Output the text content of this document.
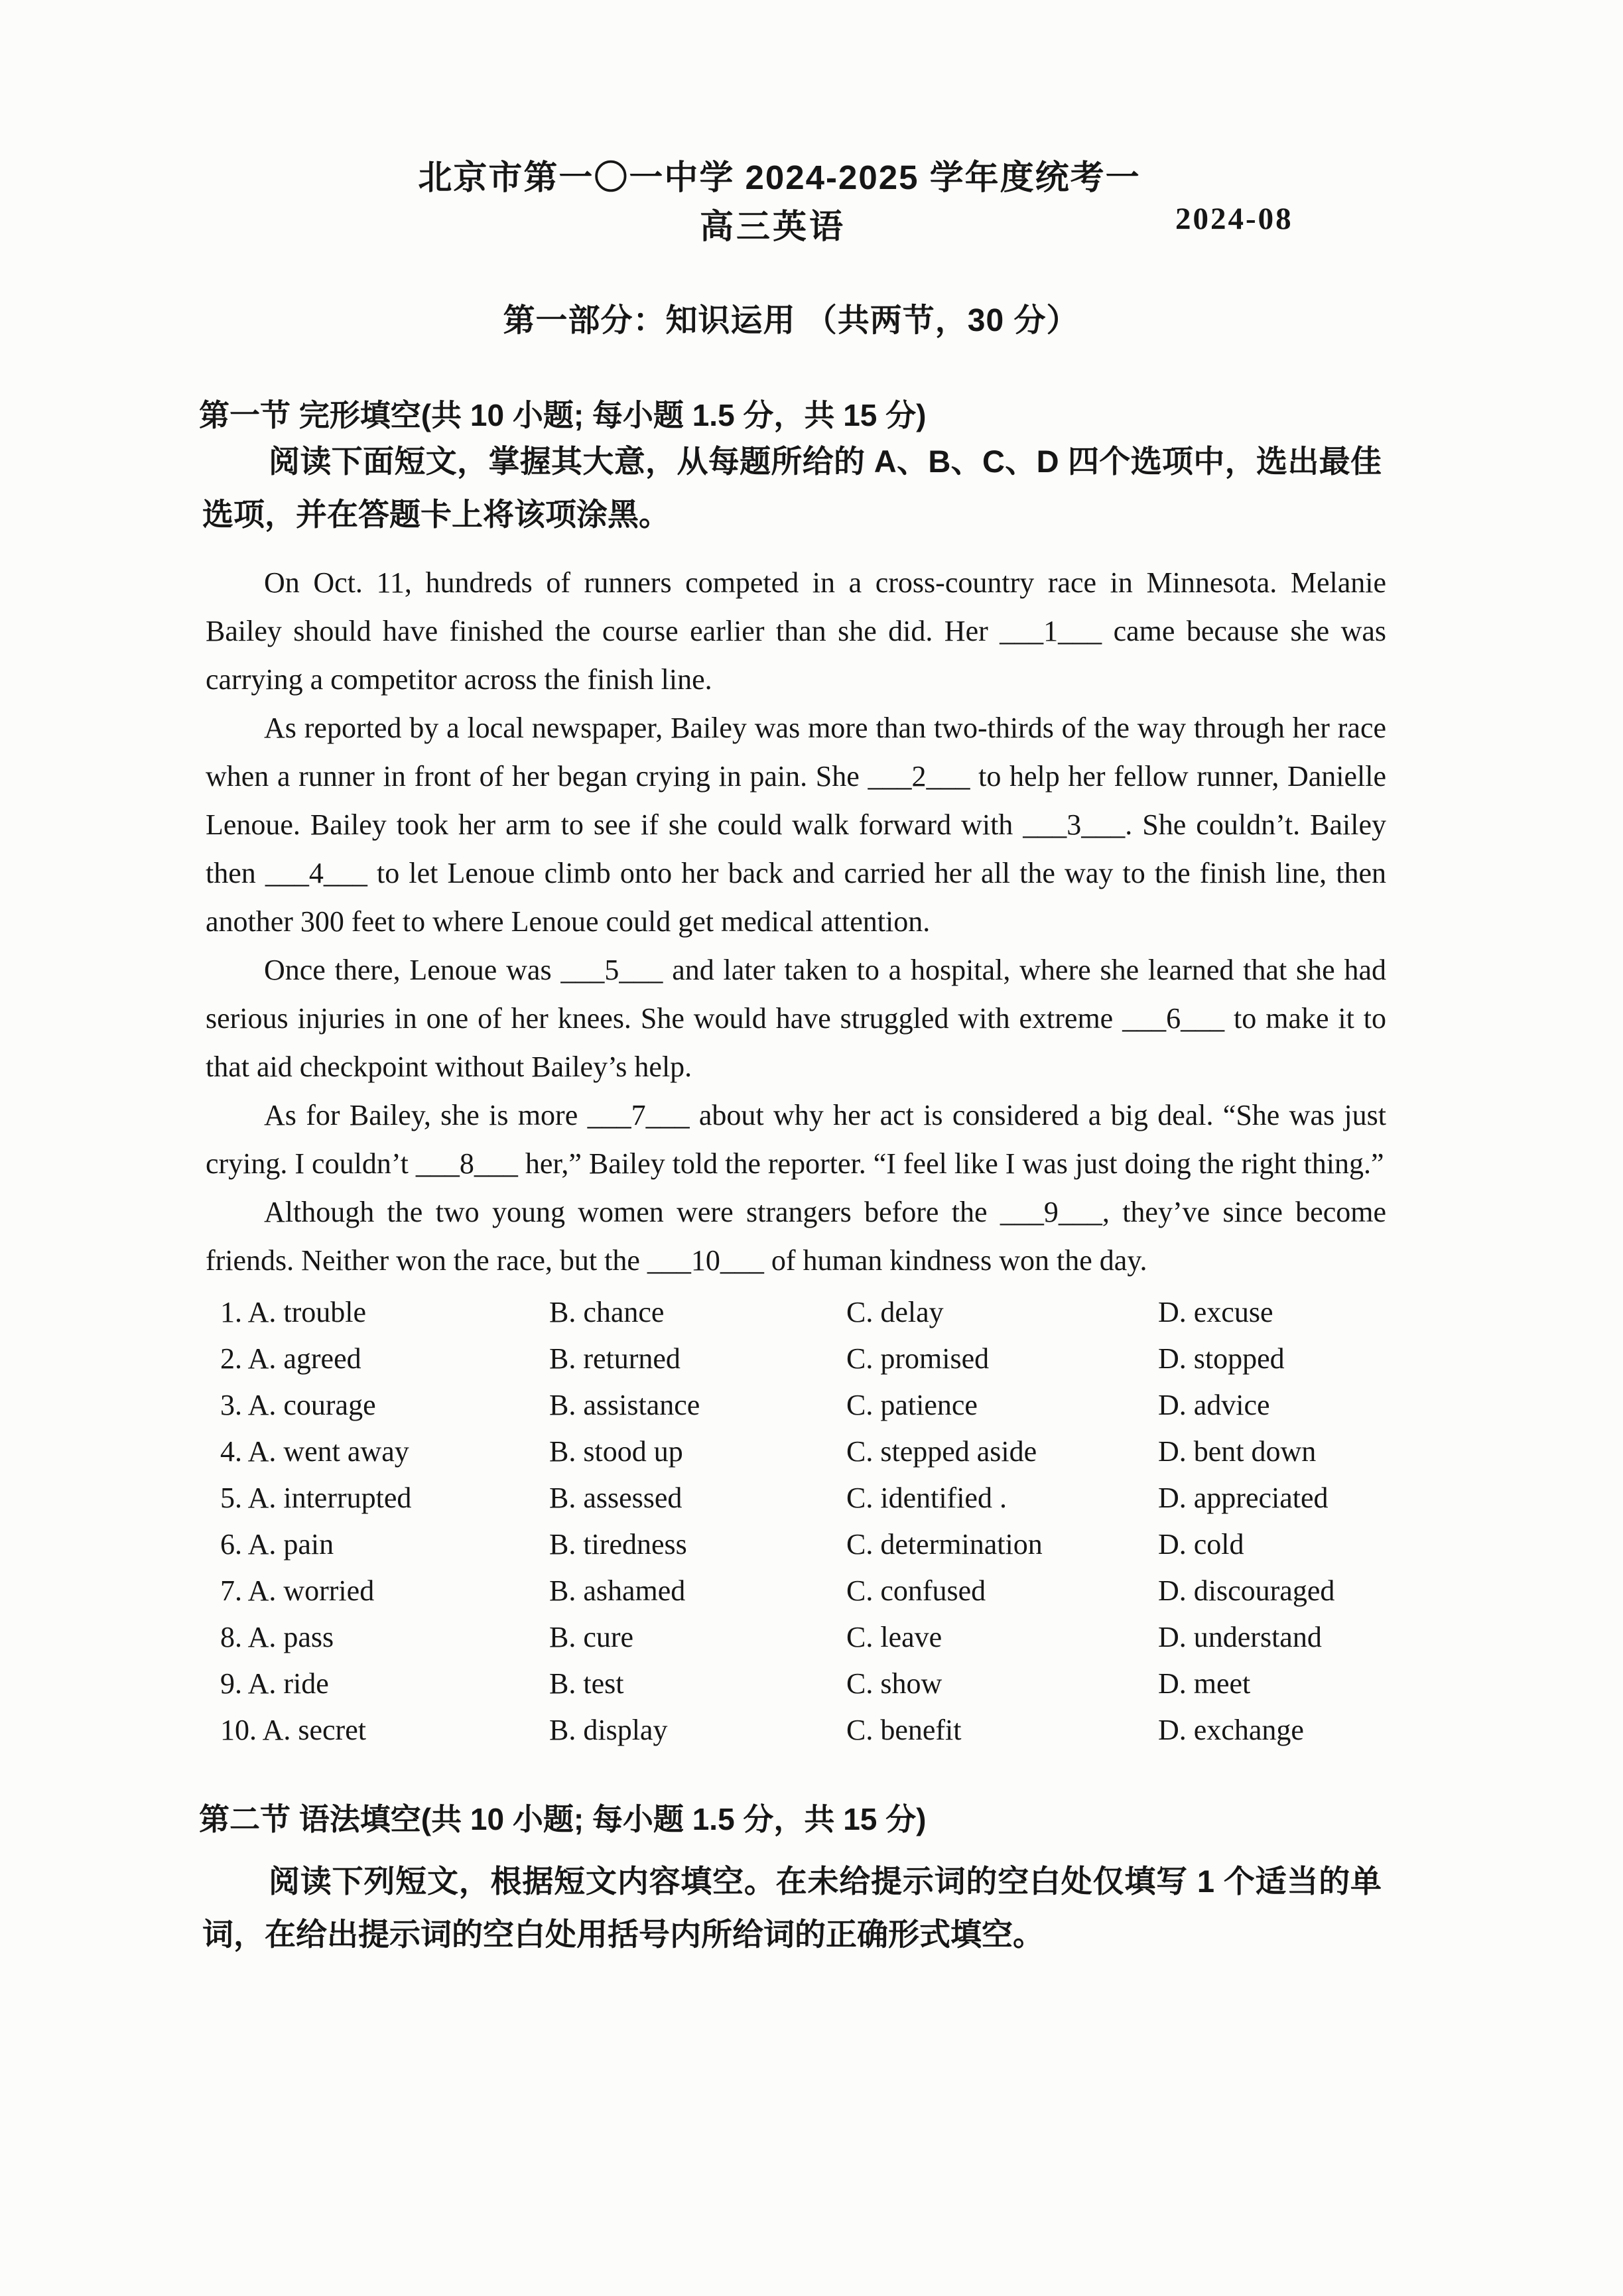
北京市第一〇一中学 2024-2025 学年度统考一
高三英语	2024-08
第一部分：知识运用 （共两节，30 分）
第一节 完形填空(共 10 小题; 每小题 1.5 分，共 15 分)

阅读下面短文，掌握其大意，从每题所给的 A、B、C、D 四个选项中，选出最佳选项，并在答题卡上将该项涂黑。

On Oct. 11, hundreds of runners competed in a cross-country race in Minnesota. Melanie Bailey should have finished the course earlier than she did. Her ___1___ came because she was carrying a competitor across the finish line.

As reported by a local newspaper, Bailey was more than two-thirds of the way through her race when a runner in front of her began crying in pain. She ___2___ to help her fellow runner, Danielle Lenoue. Bailey took her arm to see if she could walk forward with ___3___. She couldn’t. Bailey then ___4___ to let Lenoue climb onto her back and carried her all the way to the finish line, then another 300 feet to where Lenoue could get medical attention.

Once there, Lenoue was ___5___ and later taken to a hospital, where she learned that she had serious injuries in one of her knees. She would have struggled with extreme ___6___ to make it to that aid checkpoint without Bailey’s help.

As for Bailey, she is more ___7___ about why her act is considered a big deal. “She was just crying. I couldn’t ___8___ her,” Bailey told the reporter. “I feel like I was just doing the right thing.”

Although the two young women were strangers before the ___9___, they’ve since become friends. Neither won the race, but the ___10___ of human kindness won the day.

1. A. trouble	B. chance	C. delay	D. excuse
2. A. agreed	B. returned	C. promised	D. stopped
3. A. courage	B. assistance	C. patience	D. advice
4. A. went away	B. stood up	C. stepped aside	D. bent down
5. A. interrupted	B. assessed	C. identified .	D. appreciated
6. A. pain	B. tiredness	C. determination	D. cold
7. A. worried	B. ashamed	C. confused	D. discouraged
8. A. pass	B. cure	C. leave	D. understand
9. A. ride	B. test	C. show	D. meet
10. A. secret	B. display	C. benefit	D. exchange
第二节 语法填空(共 10 小题; 每小题 1.5 分，共 15 分)

阅读下列短文，根据短文内容填空。在未给提示词的空白处仅填写 1 个适当的单词，在给出提示词的空白处用括号内所给词的正确形式填空。
